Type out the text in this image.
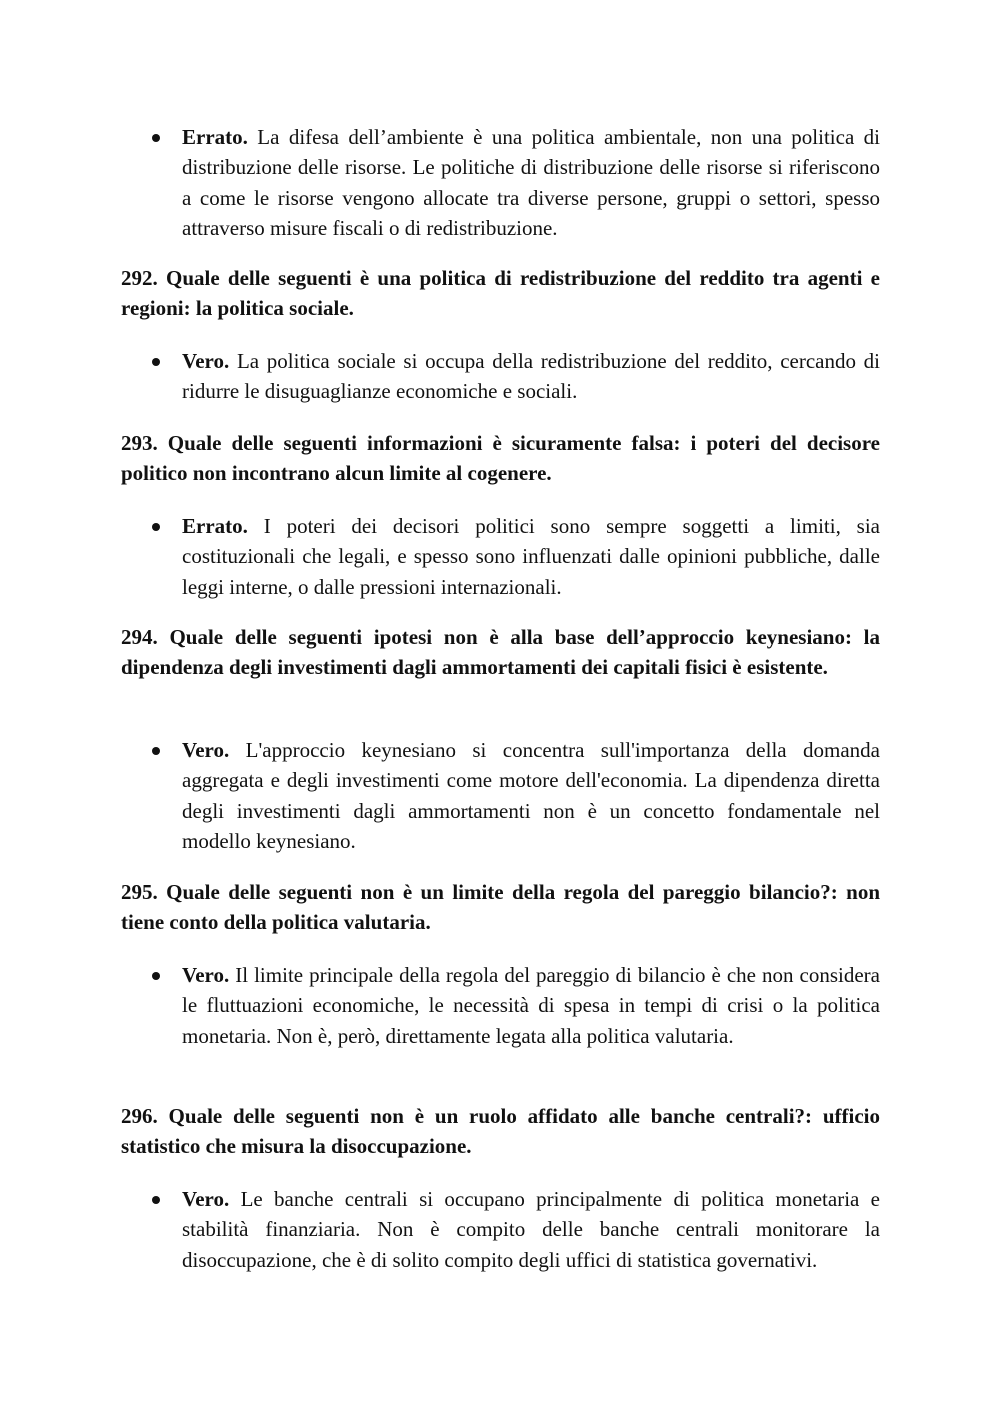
Errato. La difesa dell’ambiente è una politica ambientale, non una politica di distribuzione delle risorse. Le politiche di distribuzione delle risorse si riferiscono a come le risorse vengono allocate tra diverse persone, gruppi o settori, spesso attraverso misure fiscali o di redistribuzione.
292. Quale delle seguenti è una politica di redistribuzione del reddito tra agenti e regioni: la politica sociale.
Vero. La politica sociale si occupa della redistribuzione del reddito, cercando di ridurre le disuguaglianze economiche e sociali.
293. Quale delle seguenti informazioni è sicuramente falsa: i poteri del decisore politico non incontrano alcun limite al cogenere.
Errato. I poteri dei decisori politici sono sempre soggetti a limiti, sia costituzionali che legali, e spesso sono influenzati dalle opinioni pubbliche, dalle leggi interne, o dalle pressioni internazionali.
294. Quale delle seguenti ipotesi non è alla base dell’approccio keynesiano: la dipendenza degli investimenti dagli ammortamenti dei capitali fisici è esistente.
Vero. L'approccio keynesiano si concentra sull'importanza della domanda aggregata e degli investimenti come motore dell'economia. La dipendenza diretta degli investimenti dagli ammortamenti non è un concetto fondamentale nel modello keynesiano.
295. Quale delle seguenti non è un limite della regola del pareggio bilancio?: non tiene conto della politica valutaria.
Vero. Il limite principale della regola del pareggio di bilancio è che non considera le fluttuazioni economiche, le necessità di spesa in tempi di crisi o la politica monetaria. Non è, però, direttamente legata alla politica valutaria.
296. Quale delle seguenti non è un ruolo affidato alle banche centrali?: ufficio statistico che misura la disoccupazione.
Vero. Le banche centrali si occupano principalmente di politica monetaria e stabilità finanziaria. Non è compito delle banche centrali monitorare la disoccupazione, che è di solito compito degli uffici di statistica governativi.
